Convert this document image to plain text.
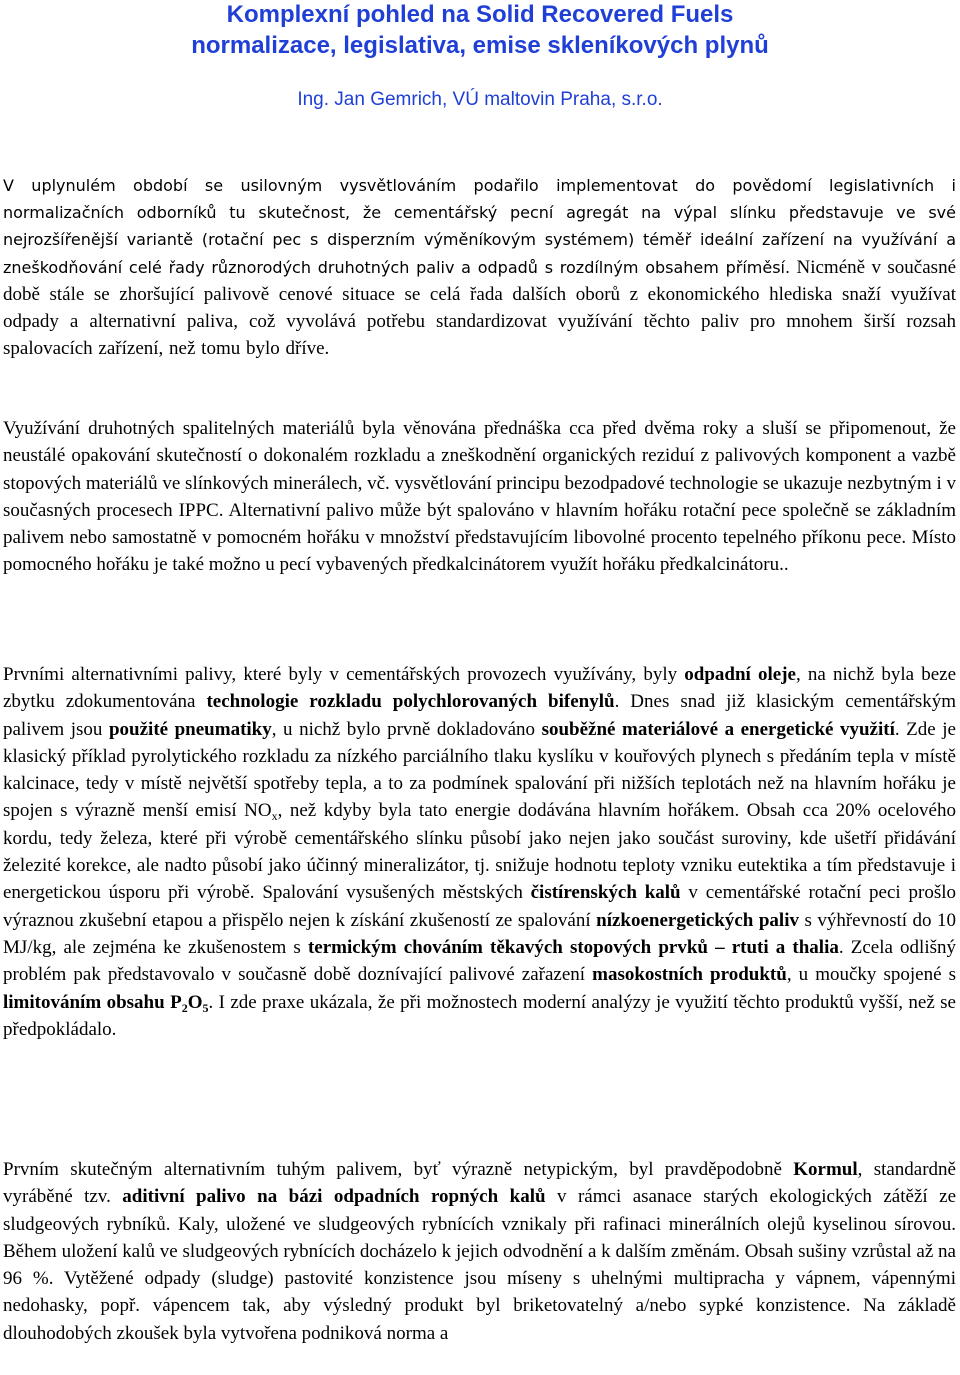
Komplexní pohled na Solid Recovered Fuels
normalizace, legislativa, emise skleníkových plynů
Ing. Jan Gemrich, VÚ maltovin Praha, s.r.o.

V uplynulém období se usilovným vysvětlováním podařilo implementovat do povědomí legislativních i normalizačních odborníků tu skutečnost, že cementářský pecní agregát na výpal slínku představuje ve své nejrozšířenější variantě (rotační pec s disperzním výměníkovým systémem) téměř ideální zařízení na využívání a zneškodňování celé řady různorodých druhotných paliv a odpadů s rozdílným obsahem příměsí. Nicméně v současné době stále se zhoršující palivově cenové situace se celá řada dalších oborů z ekonomického hlediska snaží využívat odpady a alternativní paliva, což vyvolává potřebu standardizovat využívání těchto paliv pro mnohem širší rozsah spalovacích zařízení, než tomu bylo dříve.

Využívání druhotných spalitelných materiálů byla věnována přednáška cca před dvěma roky a sluší se připomenout, že neustálé opakování skutečností o dokonalém rozkladu a zneškodnění organických reziduí z palivových komponent a vazbě stopových materiálů ve slínkových minerálech, vč. vysvětlování principu bezodpadové technologie se ukazuje nezbytným i v současných procesech IPPC. Alternativní palivo může být spalováno v hlavním hořáku rotační pece společně se základním palivem nebo samostatně v pomocném hořáku v množství představujícím libovolné procento tepelného příkonu pece. Místo pomocného hořáku je také možno u pecí vybavených předkalcinátorem využít hořáku předkalcinátoru..

Prvními alternativními palivy, které byly v cementářských provozech využívány, byly odpadní oleje, na nichž byla beze zbytku zdokumentována technologie rozkladu polychlorovaných bifenylů. Dnes snad již klasickým cementářským palivem jsou použité pneumatiky, u nichž bylo prvně dokladováno souběžné materiálové a energetické využití. Zde je klasický příklad pyrolytického rozkladu za nízkého parciálního tlaku kyslíku v kouřových plynech s předáním tepla v místě kalcinace, tedy v místě největší spotřeby tepla, a to za podmínek spalování při nižších teplotách než na hlavním hořáku je spojen s výrazně menší emisí $NO_x$, než kdyby byla tato energie dodávána hlavním hořákem. Obsah cca 20% ocelového kordu, tedy železa, které při výrobě cementářského slínku působí jako nejen jako součást suroviny, kde ušetří přidávání železité korekce, ale nadto působí jako účinný mineralizátor, tj. snižuje hodnotu teploty vzniku eutektika a tím představuje i energetickou úsporu při výrobě. Spalování vysušených městských čistírenských kalů v cementářské rotační peci prošlo výraznou zkušební etapou a přispělo nejen k získání zkušeností ze spalování nízkoenergetických paliv s výhřevností do 10 MJ/kg, ale zejména ke zkušenostem s termickým chováním těkavých stopových prvků – rtuti a thalia. Zcela odlišný problém pak představovalo v současně době doznívající palivové zařazení masokostních produktů, u moučky spojené s limitováním obsahu $P_2O_5$. I zde praxe ukázala, že při možnostech moderní analýzy je využití těchto produktů vyšší, než se předpokládalo.

Prvním skutečným alternativním tuhým palivem, byť výrazně netypickým, byl pravděpodobně Kormul, standardně vyráběné tzv. aditivní palivo na bázi odpadních ropných kalů v rámci asanace starých ekologických zátěží ze sludgeových rybníků. Kaly, uložené ve sludgeových rybnících vznikaly při rafinaci minerálních olejů kyselinou sírovou. Během uložení kalů ve sludgeových rybnících docházelo k jejich odvodnění a k dalším změnám. Obsah sušiny vzrůstal až na 96 %. Vytěžené odpady (sludge) pastovité konzistence jsou míseny s uhelnými multipracha y vápnem, vápennými nedohasky, popř. vápencem tak, aby výsledný produkt byl briketovatelný a/nebo sypké konzistence. Na základě dlouhodobých zkoušek byla vytvořena podniková norma a
